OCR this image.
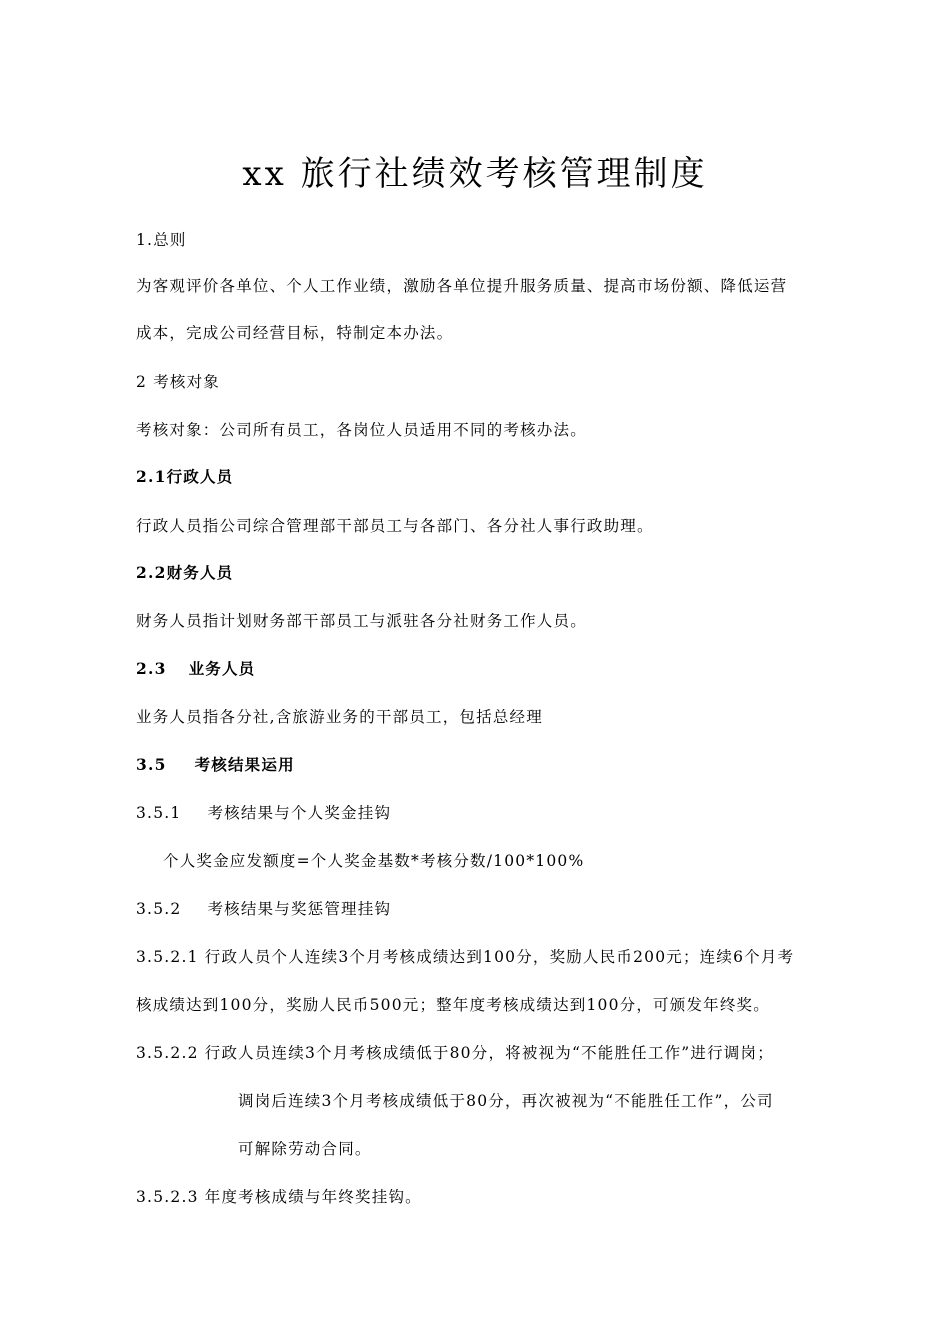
xx 旅行社绩效考核管理制度
1.总则
为客观评价各单位、个人工作业绩，激励各单位提升服务质量、提高市场份额、降低运营
成本，完成公司经营目标，特制定本办法。
2 考核对象
考核对象：公司所有员工，各岗位人员适用不同的考核办法。
2.1行政人员
行政人员指公司综合管理部干部员工与各部门、各分社人事行政助理。
2.2财务人员
财务人员指计划财务部干部员工与派驻各分社财务工作人员。
2.3 业务人员
业务人员指各分社,含旅游业务的干部员工，包括总经理
3.5 考核结果运用
3.5.1 考核结果与个人奖金挂钩
个人奖金应发额度=个人奖金基数*考核分数/100*100%
3.5.2 考核结果与奖惩管理挂钩
3.5.2.1 行政人员个人连续3个月考核成绩达到100分，奖励人民币200元；连续6个月考
核成绩达到100分，奖励人民币500元；整年度考核成绩达到100分，可颁发年终奖。
3.5.2.2 行政人员连续3个月考核成绩低于80分，将被视为“不能胜任工作”进行调岗；
调岗后连续3个月考核成绩低于80分，再次被视为“不能胜任工作”，公司
可解除劳动合同。
3.5.2.3 年度考核成绩与年终奖挂钩。
